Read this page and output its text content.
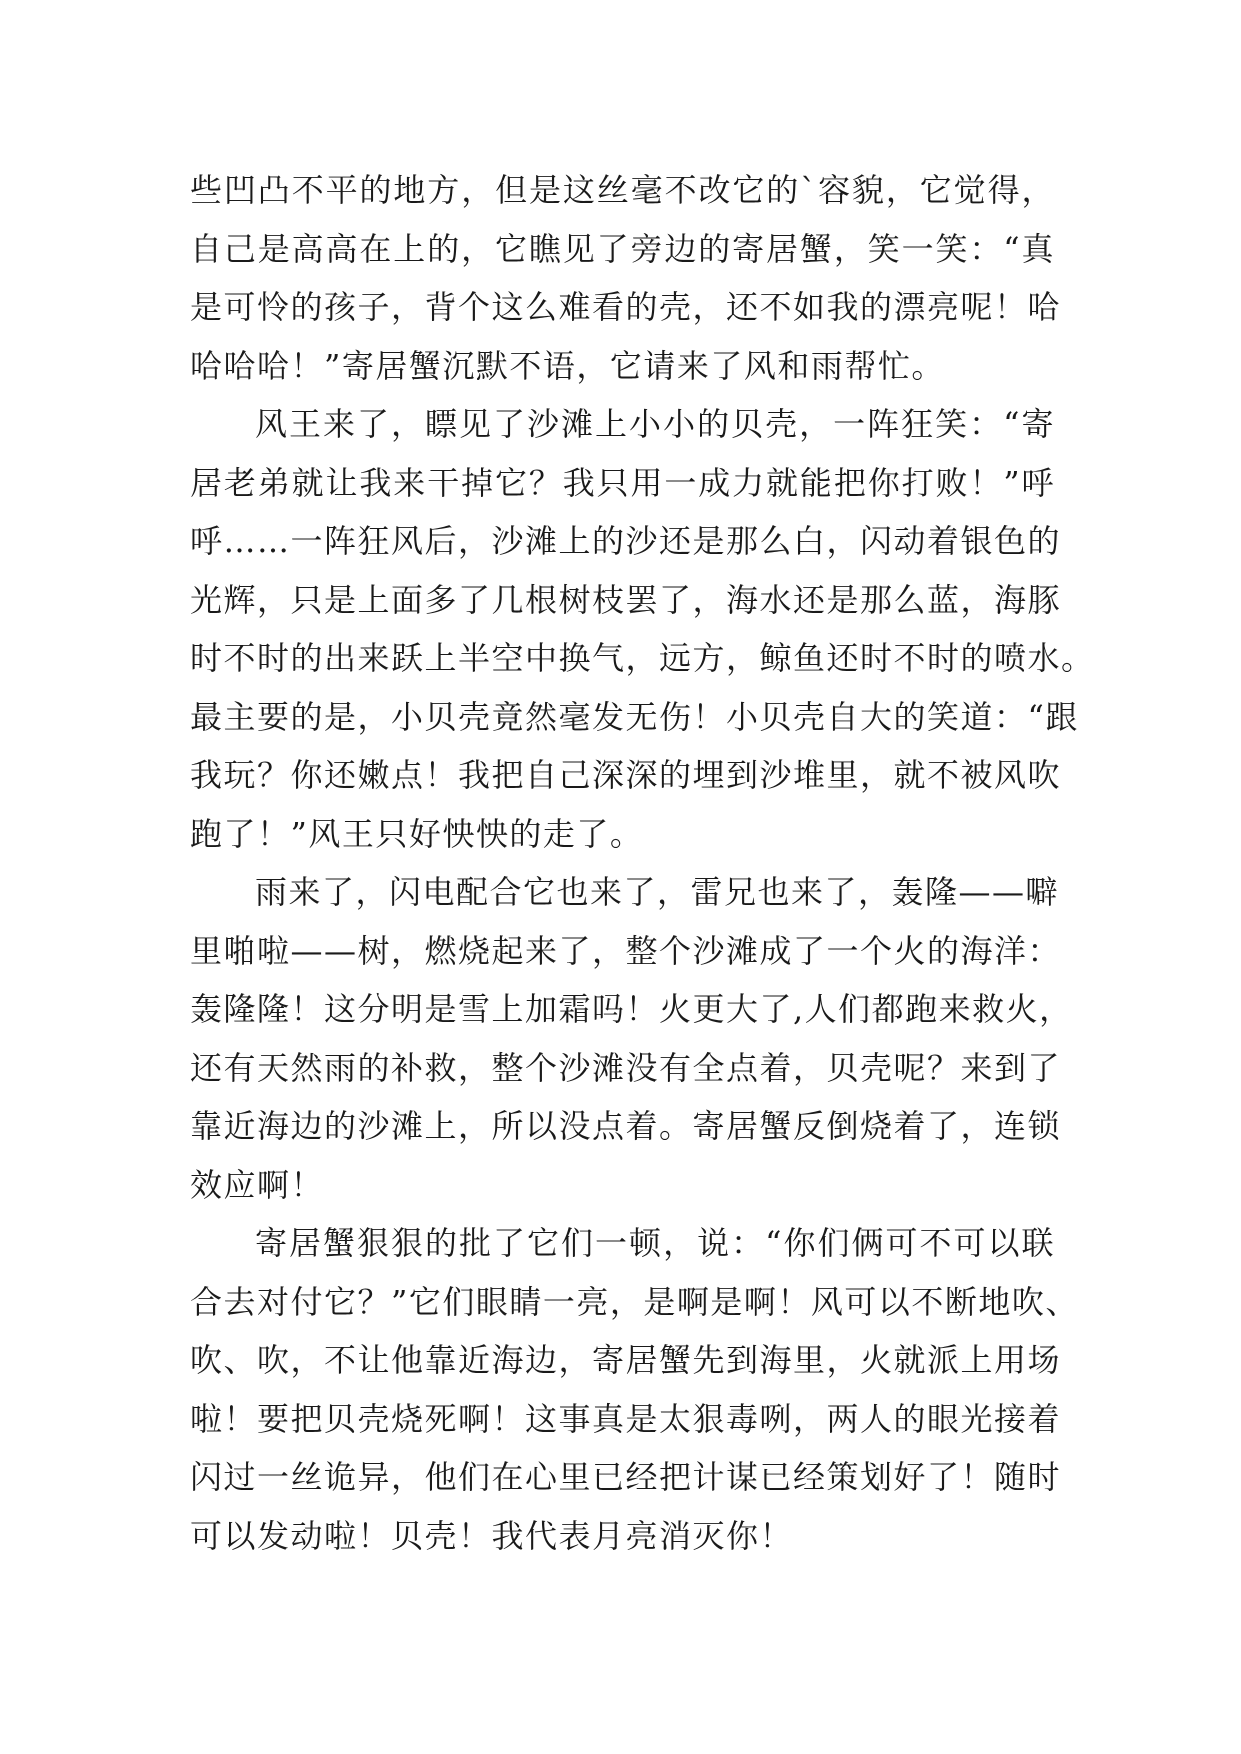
些凹凸不平的地方，但是这丝毫不改它的`容貌，它觉得，
自己是高高在上的，它瞧见了旁边的寄居蟹，笑一笑：“真
是可怜的孩子，背个这么难看的壳，还不如我的漂亮呢！哈
哈哈哈！”寄居蟹沉默不语，它请来了风和雨帮忙。

风王来了，瞟见了沙滩上小小的贝壳，一阵狂笑：“寄
居老弟就让我来干掉它？我只用一成力就能把你打败！”呼
呼……一阵狂风后，沙滩上的沙还是那么白，闪动着银色的
光辉，只是上面多了几根树枝罢了，海水还是那么蓝，海豚
时不时的出来跃上半空中换气，远方，鲸鱼还时不时的喷水。
最主要的是，小贝壳竟然毫发无伤！小贝壳自大的笑道：“跟
我玩？你还嫩点！我把自己深深的埋到沙堆里，就不被风吹
跑了！”风王只好怏怏的走了。

雨来了，闪电配合它也来了，雷兄也来了，轰隆——噼
里啪啦——树，燃烧起来了，整个沙滩成了一个火的海洋：
轰隆隆！这分明是雪上加霜吗！火更大了,人们都跑来救火，
还有天然雨的补救，整个沙滩没有全点着，贝壳呢？来到了
靠近海边的沙滩上，所以没点着。寄居蟹反倒烧着了，连锁
效应啊！

寄居蟹狠狠的批了它们一顿，说：“你们俩可不可以联
合去对付它？”它们眼睛一亮，是啊是啊！风可以不断地吹、
吹、吹，不让他靠近海边，寄居蟹先到海里，火就派上用场
啦！要把贝壳烧死啊！这事真是太狠毒咧，两人的眼光接着
闪过一丝诡异，他们在心里已经把计谋已经策划好了！随时
可以发动啦！贝壳！我代表月亮消灭你！
